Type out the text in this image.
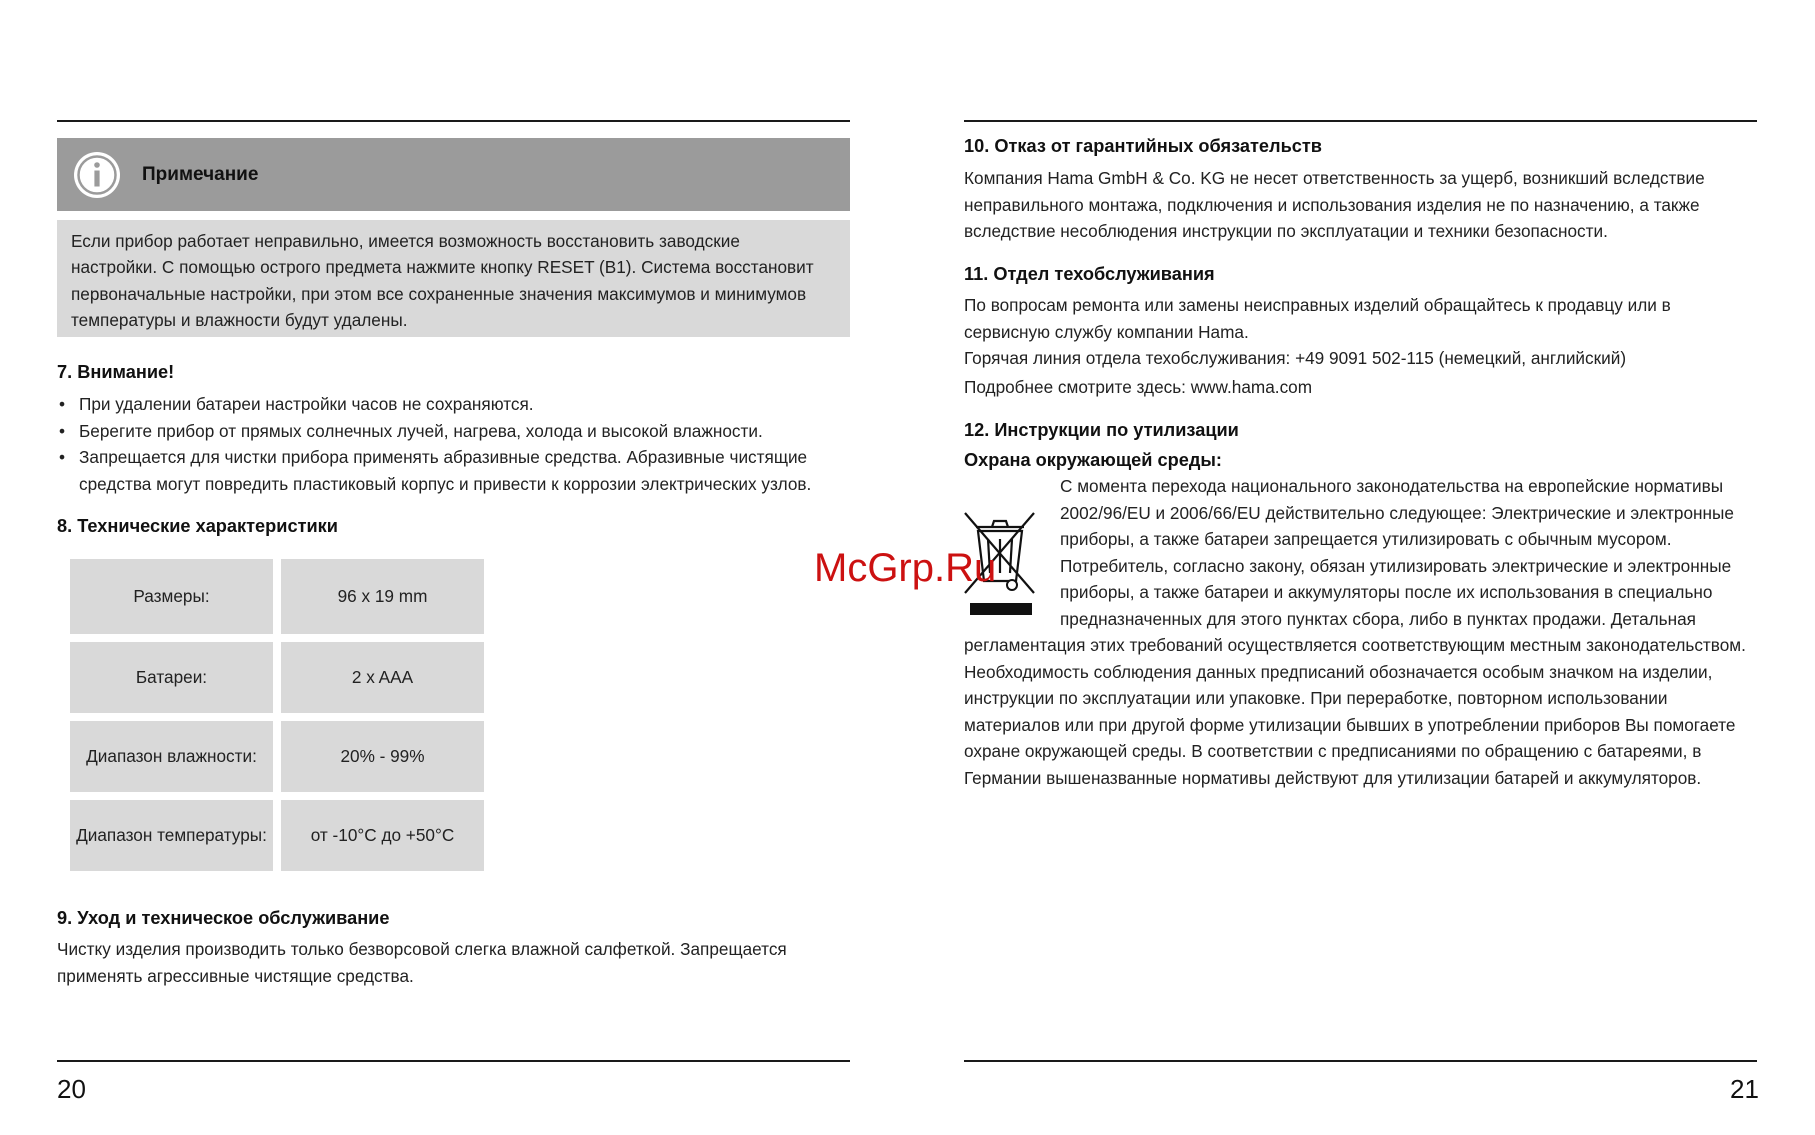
Примечание
Если прибор работает неправильно, имеется возможность восстановить заводские
настройки. С помощью острого предмета нажмите кнопку RESET (B1). Система восстановит
первоначальные настройки, при этом все сохраненные значения максимумов и минимумов
температуры и влажности будут удалены.
7. Внимание!
• При удалении батареи настройки часов не сохраняются.
• Берегите прибор от прямых солнечных лучей, нагрева, холода и высокой влажности.
• Запрещается для чистки прибора применять абразивные средства. Абразивные чистящие
средства могут повредить пластиковый корпус и привести к коррозии электрических узлов.
8. Технические характеристики
Размеры:	96 x 19 mm
Батареи:	2 x AAA
Диапазон влажности:	20% - 99%
Диапазон температуры:	от -10°C до +50°C
9. Уход и техническое обслуживание
Чистку изделия производить только безворсовой слегка влажной салфеткой. Запрещается
применять агрессивные чистящие средства.
10. Отказ от гарантийных обязательств
Компания Hama GmbH & Co. KG не несет ответственность за ущерб, возникший вследствие
неправильного монтажа, подключения и использования изделия не по назначению, а также
вследствие несоблюдения инструкции по эксплуатации и техники безопасности.
11. Отдел техобслуживания
По вопросам ремонта или замены неисправных изделий обращайтесь к продавцу или в
сервисную службу компании Hama.
Горячая линия отдела техобслуживания: +49 9091 502-115 (немецкий, английский)
Подробнее смотрите здесь: www.hama.com
12. Инструкции по утилизации
Охрана окружающей среды:
С момента перехода национального законодательства на европейские нормативы
2002/96/EU и 2006/66/EU действительно следующее: Электрические и электронные
приборы, а также батареи запрещается утилизировать с обычным мусором.
Потребитель, согласно закону, обязан утилизировать электрические и электронные
приборы, а также батареи и аккумуляторы после их использования в специально
предназначенных для этого пунктах сбора, либо в пунктах продажи. Детальная
регламентация этих требований осуществляется соответствующим местным законодательством.
Необходимость соблюдения данных предписаний обозначается особым значком на изделии,
инструкции по эксплуатации или упаковке. При переработке, повторном использовании
материалов или при другой форме утилизации бывших в употреблении приборов Вы помогаете
охране окружающей среды. В соответствии с предписаниями по обращению с батареями, в
Германии вышеназванные нормативы действуют для утилизации батарей и аккумуляторов.
McGrp.Ru
20	21
